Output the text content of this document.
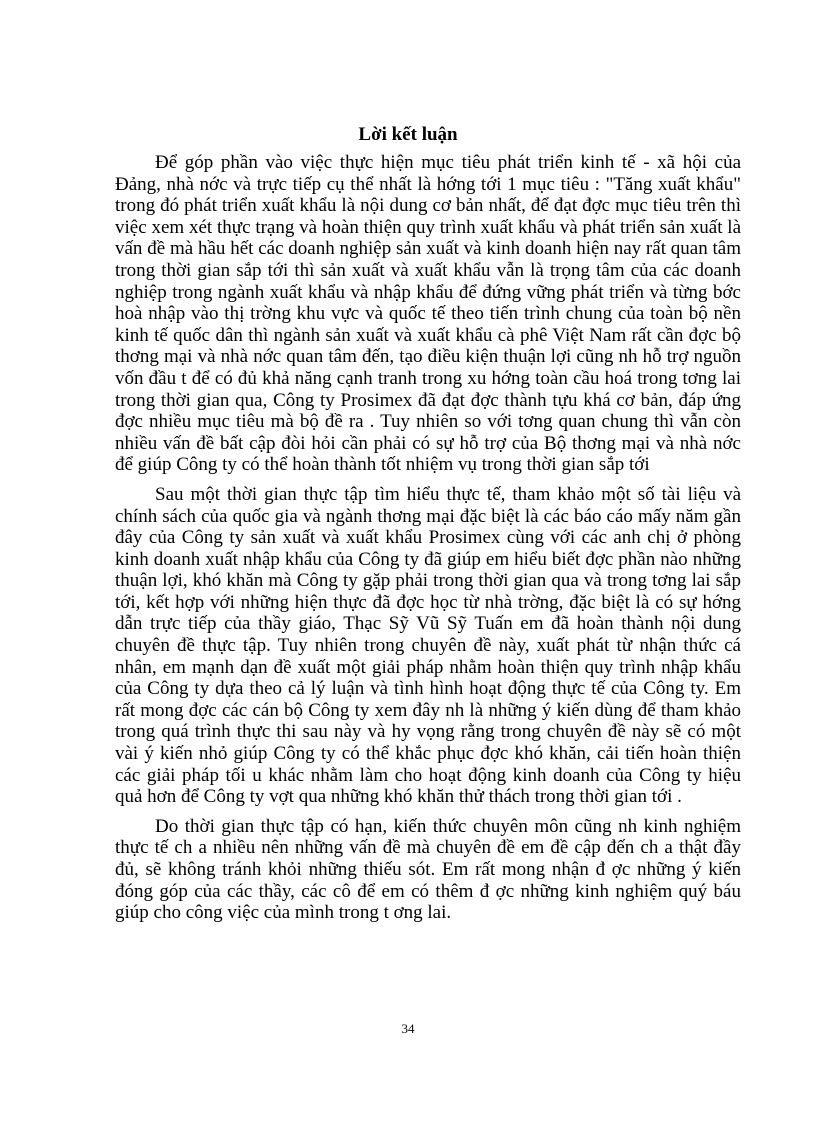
Lời kết luận

Để góp phần vào việc thực hiện mục tiêu phát triển kinh tế - xã hội của Đảng, nhà nớc và trực tiếp cụ thể nhất là hớng tới 1 mục tiêu : "Tăng xuất khẩu" trong đó phát triển xuất khẩu là nội dung cơ bản nhất, để đạt đợc mục tiêu trên thì việc xem xét thực trạng và hoàn thiện quy trình xuất khẩu và phát triển sản xuất là vấn đề mà hầu hết các doanh nghiệp sản xuất và kinh doanh hiện nay rất quan tâm trong thời gian sắp tới thì sản xuất và xuất khẩu vẫn là trọng tâm của các doanh nghiệp trong ngành xuất khẩu và nhập khẩu để đứng vững phát triển và từng bớc hoà nhập vào thị trờng khu vực và quốc tế theo tiến trình chung của toàn bộ nền kinh tế quốc dân thì ngành sản xuất và xuất khẩu cà phê Việt Nam rất cần đợc bộ thơng mại và nhà nớc quan tâm đến, tạo điều kiện thuận lợi cũng nh hỗ trợ nguồn vốn đầu t để có đủ khả năng cạnh tranh trong xu hớng toàn cầu hoá trong tơng lai trong thời gian qua, Công ty Prosimex đã đạt đợc thành tựu khá cơ bản, đáp ứng đợc nhiều mục tiêu mà bộ đề ra . Tuy nhiên so với tơng quan chung thì vẫn còn nhiều vấn đề bất cập đòi hỏi cần phải có sự hỗ trợ của Bộ thơng mại và nhà nớc để giúp Công ty có thể hoàn thành tốt nhiệm vụ trong thời gian sắp tới

Sau một thời gian thực tập tìm hiểu thực tế, tham khảo một số tài liệu và chính sách của quốc gia và ngành thơng mại đặc biệt là các báo cáo mấy năm gần đây của Công ty sản xuất và xuất khẩu Prosimex cùng với các anh chị ở phòng kinh doanh xuất nhập khẩu của Công ty đã giúp em hiểu biết đợc phần nào những thuận lợi, khó khăn mà Công ty gặp phải trong thời gian qua và trong tơng lai sắp tới, kết hợp với những hiện thực đã đợc học từ nhà trờng, đặc biệt là có sự hớng dẫn trực tiếp của thầy giáo, Thạc Sỹ Vũ Sỹ Tuấn em đã hoàn thành nội dung chuyên đề thực tập. Tuy nhiên trong chuyên đề này, xuất phát từ nhận thức cá nhân, em mạnh dạn đề xuất một giải pháp nhằm hoàn thiện quy trình nhập khẩu của Công ty dựa theo cả lý luận và tình hình hoạt động thực tế của Công ty. Em rất mong đợc các cán bộ Công ty xem đây nh là những ý kiến dùng để tham khảo trong quá trình thực thi sau này và hy vọng rằng trong chuyên đề này sẽ có một vài ý kiến nhỏ giúp Công ty có thể khắc phục đợc khó khăn, cải tiến hoàn thiện các giải pháp tối u khác nhằm làm cho hoạt động kinh doanh của Công ty hiệu quả hơn để Công ty vợt qua những khó khăn thử thách trong thời gian tới .

Do thời gian thực tập có hạn, kiến thức chuyên môn cũng nh kinh nghiệm thực tế ch a nhiều nên những vấn đề mà chuyên đề em đề cập đến ch a thật đầy đủ, sẽ không tránh khỏi những thiếu sót. Em rất mong nhận đ ợc những ý kiến đóng góp của các thầy, các cô để em có thêm đ ợc những kinh nghiệm quý báu giúp cho công việc của mình trong t ơng lai.

34
